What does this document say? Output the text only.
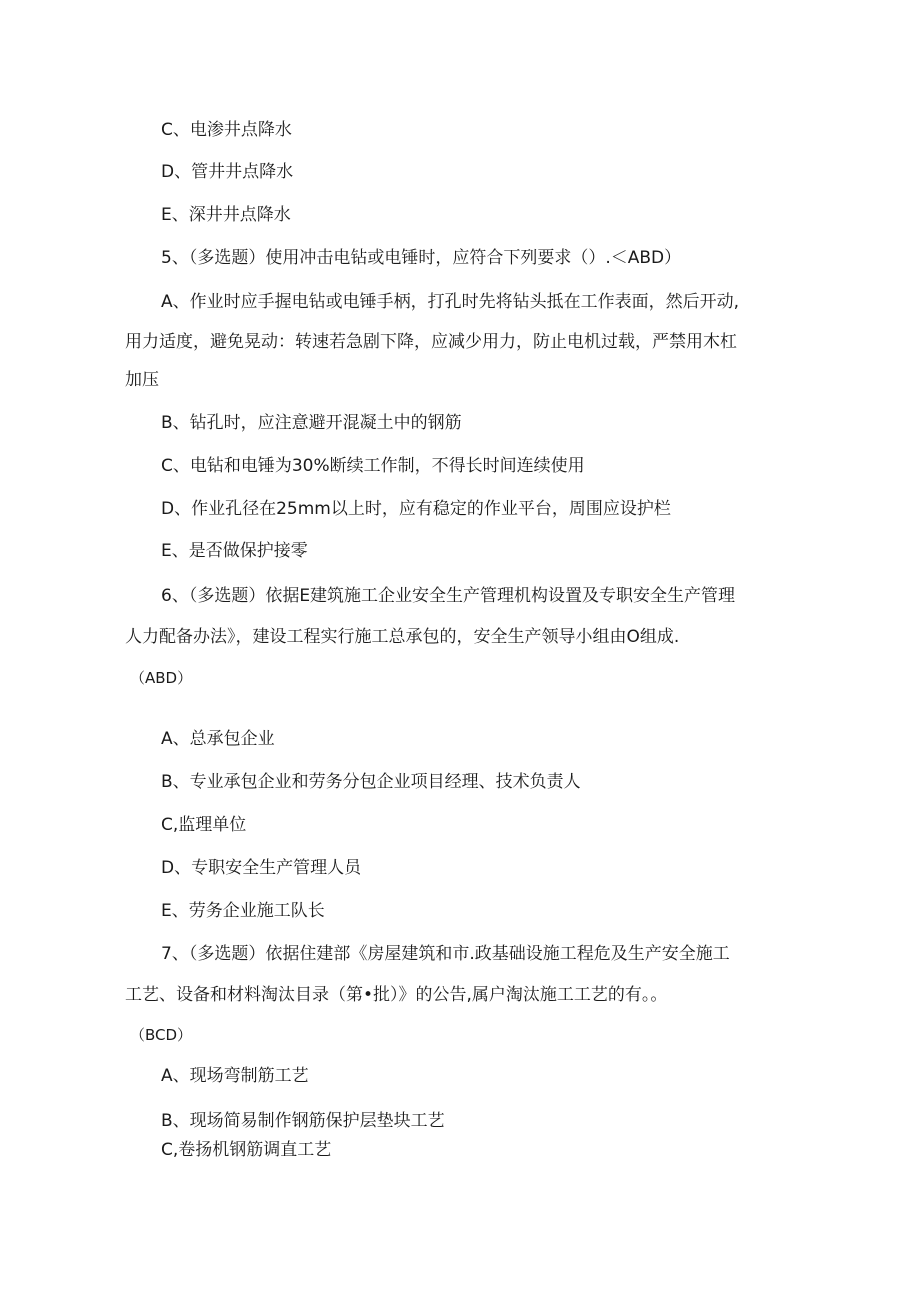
C、电渗井点降水
D、管井井点降水
E、深井井点降水
5、（多选题）使用冲击电钻或电锤时，应符合下列要求（）.＜ABD）
A、作业时应手握电钻或电锤手柄，打孔时先将钻头抵在工作表面，然后开动,
用力适度，避免晃动：转速若急剧下降，应减少用力，防止电机过载，严禁用木杠
加压
B、钻孔时，应注意避开混凝土中的钢筋
C、电钻和电锤为30%断续工作制，不得长时间连续使用
D、作业孔径在25mm以上时，应有稳定的作业平台，周围应设护栏
E、是否做保护接零
6、（多选题）依据E建筑施工企业安全生产管理机构设置及专职安全生产管理
人力配备办法》，建设工程实行施工总承包的，安全生产领导小组由O组成.
（ABD）
A、总承包企业
B、专业承包企业和劳务分包企业项目经理、技术负责人
C,监理单位
D、专职安全生产管理人员
E、劳务企业施工队长
7、（多选题）依据住建部《房屋建筑和市.政基础设施工程危及生产安全施工
工艺、设备和材料淘汰目录（第•批）》的公告,属户淘汰施工工艺的有。。
（BCD）
A、现场弯制筋工艺
B、现场简易制作钢筋保护层垫块工艺
C,卷扬机钢筋调直工艺
